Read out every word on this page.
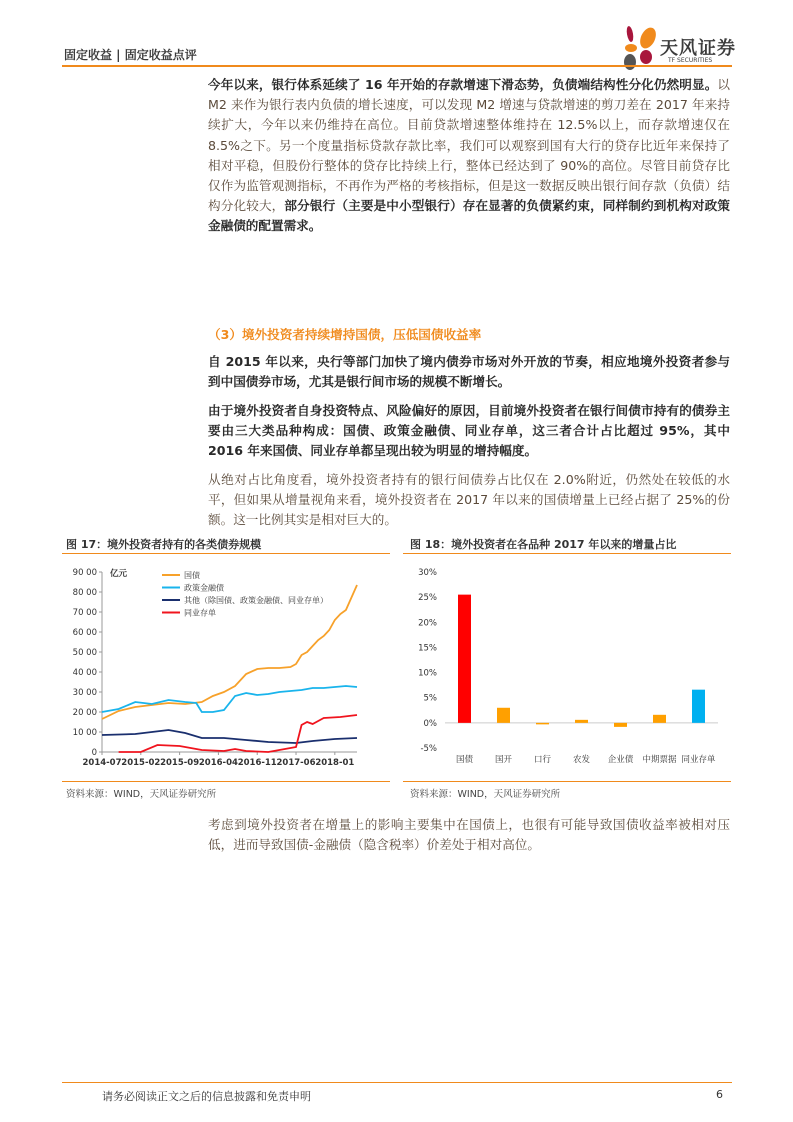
固定收益 | 固定收益点评	天风证券
TF SECURITIES
今年以来，银行体系延续了 16 年开始的存款增速下滑态势，负债端结构性分化仍然明显。以 M2 来作为银行表内负债的增长速度，可以发现 M2 增速与贷款增速的剪刀差在 2017 年来持续扩大，今年以来仍维持在高位。目前贷款增速整体维持在 12.5%以上，而存款增速仅在 8.5%之下。另一个度量指标贷款存款比率，我们可以观察到国有大行的贷存比近年来保持了相对平稳，但股份行整体的贷存比持续上行，整体已经达到了 90%的高位。尽管目前贷存比仅作为监管观测指标，不再作为严格的考核指标，但是这一数据反映出银行间存款（负债）结构分化较大，部分银行（主要是中小型银行）存在显著的负债紧约束，同样制约到机构对政策金融债的配置需求。
（3）境外投资者持续增持国债，压低国债收益率
自 2015 年以来，央行等部门加快了境内债券市场对外开放的节奏，相应地境外投资者参与到中国债券市场，尤其是银行间市场的规模不断增长。
由于境外投资者自身投资特点、风险偏好的原因，目前境外投资者在银行间债市持有的债券主要由三大类品种构成：国债、政策金融债、同业存单，这三者合计占比超过 95%，其中 2016 年来国债、同业存单都呈现出较为明显的增持幅度。
从绝对占比角度看，境外投资者持有的银行间债券占比仅在 2.0%附近，仍然处在较低的水平，但如果从增量视角来看，境外投资者在 2017 年以来的国债增量上已经占据了 25%的份额。这一比例其实是相对巨大的。
图 17：境外投资者持有的各类债券规模
0
10 00
20 00
30 00
40 00
50 00
60 00
70 00
80 00
90 00
2014-07 2015-02 2015-09 2016-04 2016-11 2017-06 2018-01
亿元	国债
政策金融债
其他（除国债、政策金融债、同业存单）
同业存单
资料来源：WIND，天风证券研究所
图 18：境外投资者在各品种 2017 年以来的增量占比
-5%
0%
5%
10%
15%
20%
25%
30%
国债	国开	口行	农发 企业债 中期票据 同业存单
资料来源：WIND，天风证券研究所
考虑到境外投资者在增量上的影响主要集中在国债上，也很有可能导致国债收益率被相对压低，进而导致国债-金融债（隐含税率）价差处于相对高位。
请务必阅读正文之后的信息披露和免责申明	6
